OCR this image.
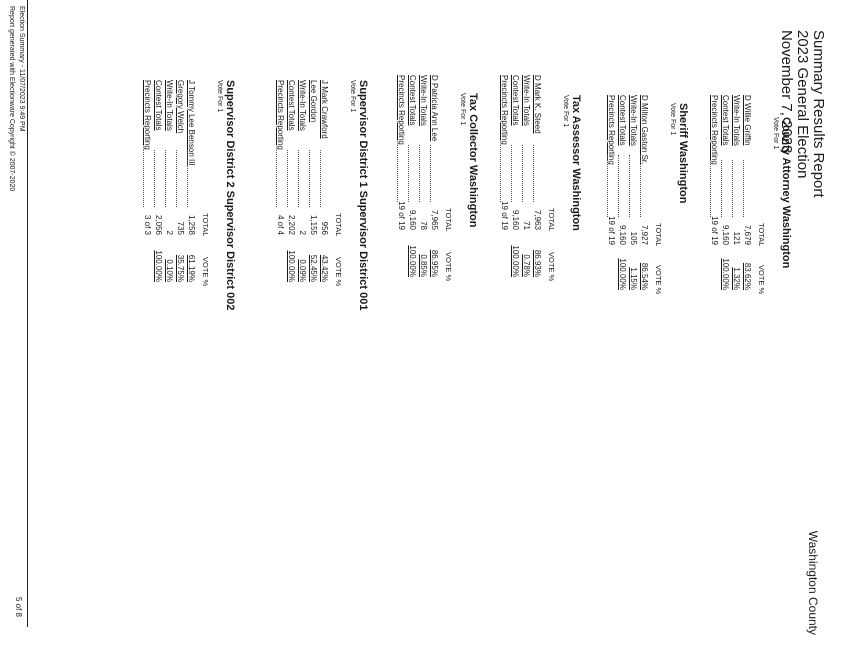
Summary Results Report
2023 General Election
November 7, 2023
Washington County
County Attorney Washington
Vote For 1
TOTAL
VOTE %
D Willie Griffin
7,679
83.62%
Write-In Totals
121
1.32%
Contest Totals
9,160
100.00%
Precincts Reporting
19 of 19
Sheriff Washington
Vote For 1
TOTAL
VOTE %
D Milton Gaston Sr.
7,927
86.54%
Write-In Totals
105
1.15%
Contest Totals
9,160
100.00%
Precincts Reporting
19 of 19
Tax Assessor Washington
Vote For 1
TOTAL
VOTE %
D Mark K. Steed
7,963
86.93%
Write-In Totals
71
0.78%
Contest Totals
9,160
100.00%
Precincts Reporting
19 of 19
Tax Collector Washington
Vote For 1
TOTAL
VOTE %
D Patricia Ann Lee
7,965
86.95%
Write-In Totals
78
0.85%
Contest Totals
9,160
100.00%
Precincts Reporting
19 of 19
Supervisor District 1 Supervisor District 001
Vote For 1
TOTAL
VOTE %
J Mark Crawford
956
43.42%
Lee Gordon
1,155
52.45%
Write-In Totals
2
0.09%
Contest Totals
2,202
100.00%
Precincts Reporting
4 of 4
Supervisor District 2 Supervisor District 002
Vote For 1
TOTAL
VOTE %
J Tommy Lee Benson III
1,258
61.19%
Gregory Welch
735
35.75%
Write-In Totals
2
0.10%
Contest Totals
2,056
100.00%
Precincts Reporting
3 of 3
Election Summary - 11/07/2023 9:49 PM
Report generated with Electionware Copyright © 2007-2020
5 of 8
